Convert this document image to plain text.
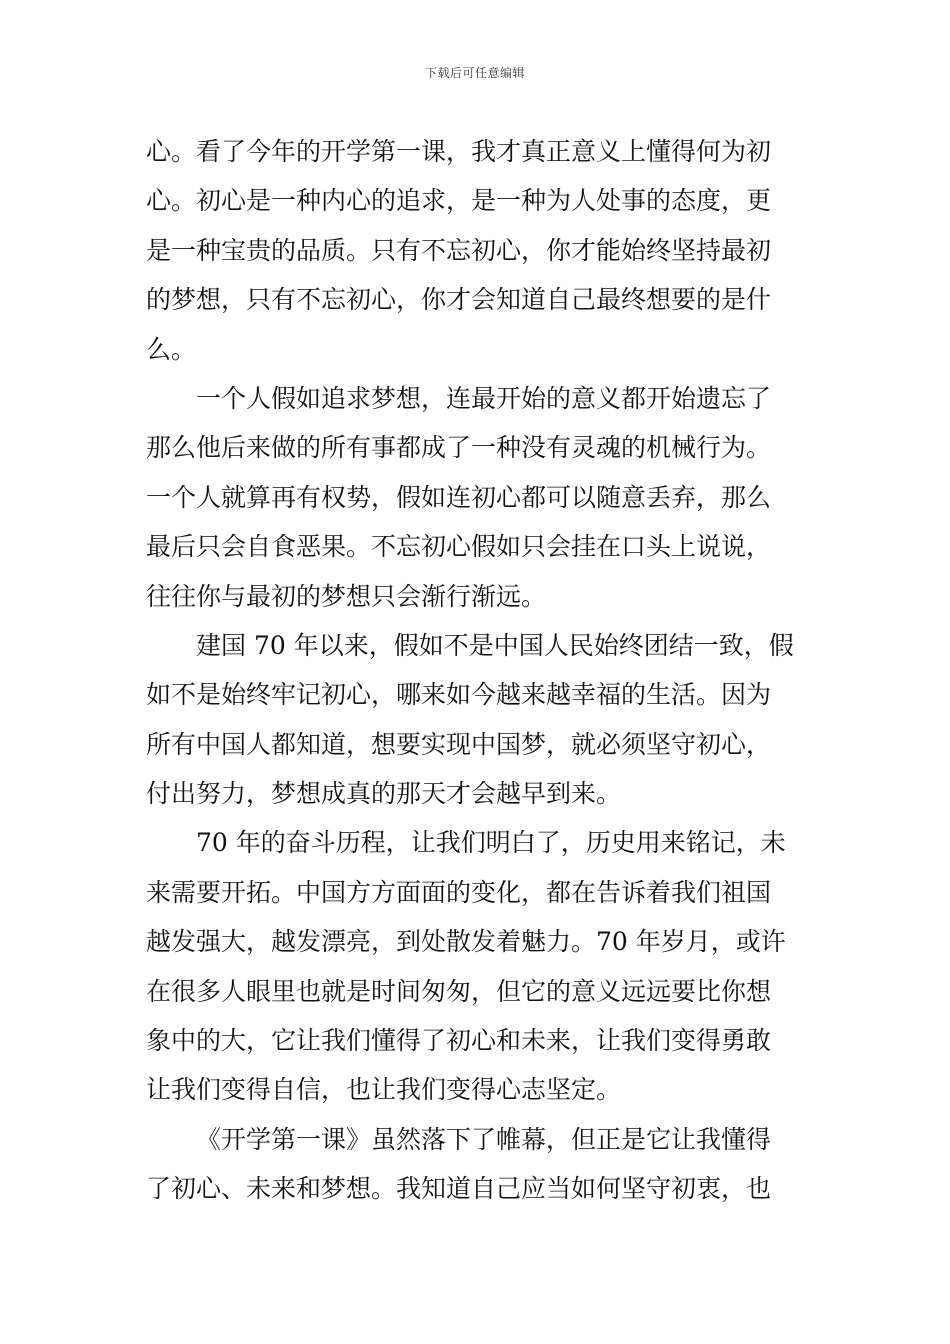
下载后可任意编辑
心。看了今年的开学第一课，我才真正意义上懂得何为初
心。初心是一种内心的追求，是一种为人处事的态度，更
是一种宝贵的品质。只有不忘初心，你才能始终坚持最初
的梦想，只有不忘初心，你才会知道自己最终想要的是什
么。
一个人假如追求梦想，连最开始的意义都开始遗忘了
那么他后来做的所有事都成了一种没有灵魂的机械行为。
一个人就算再有权势，假如连初心都可以随意丢弃，那么
最后只会自食恶果。不忘初心假如只会挂在口头上说说，
往往你与最初的梦想只会渐行渐远。
建国 70 年以来，假如不是中国人民始终团结一致，假
如不是始终牢记初心，哪来如今越来越幸福的生活。因为
所有中国人都知道，想要实现中国梦，就必须坚守初心，
付出努力，梦想成真的那天才会越早到来。
70 年的奋斗历程，让我们明白了，历史用来铭记，未
来需要开拓。中国方方面面的变化，都在告诉着我们祖国
越发强大，越发漂亮，到处散发着魅力。70 年岁月，或许
在很多人眼里也就是时间匆匆，但它的意义远远要比你想
象中的大，它让我们懂得了初心和未来，让我们变得勇敢
让我们变得自信，也让我们变得心志坚定。
《开学第一课》虽然落下了帷幕，但正是它让我懂得
了初心、未来和梦想。我知道自己应当如何坚守初衷，也
